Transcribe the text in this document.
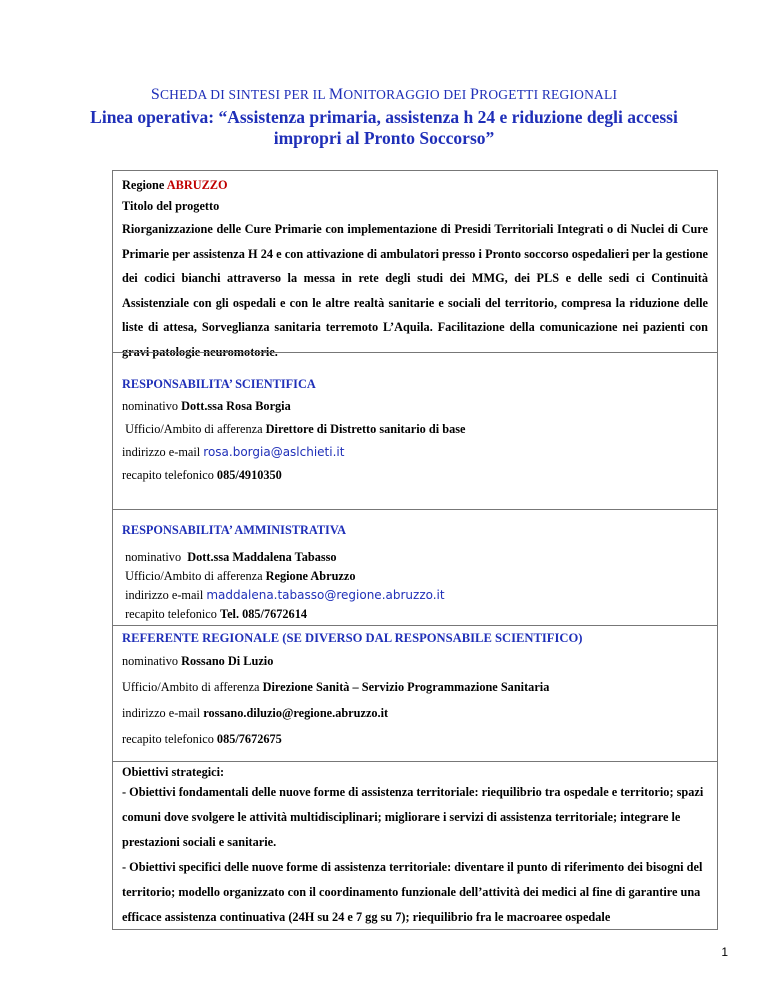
SCHEDA DI SINTESI PER IL MONITORAGGIO DEI PROGETTI REGIONALI
Linea operativa: “Assistenza primaria, assistenza h 24 e riduzione degli accessi
impropri al Pronto Soccorso”

Regione ABRUZZO

Titolo del progetto

Riorganizzazione delle Cure Primarie con implementazione di Presidi Territoriali Integrati o di Nuclei di Cure Primarie per assistenza H 24 e con attivazione di ambulatori presso i Pronto soccorso ospedalieri per la gestione dei codici bianchi attraverso la messa in rete degli studi dei MMG, dei PLS e delle sedi ci Continuità Assistenziale con gli ospedali e con le altre realtà sanitarie e sociali del territorio, compresa la riduzione delle liste di attesa, Sorveglianza sanitaria terremoto L’Aquila. Facilitazione della comunicazione nei pazienti con gravi patologie neuromotorie.

RESPONSABILITA’ SCIENTIFICA

nominativo Dott.ssa Rosa Borgia

Ufficio/Ambito di afferenza Direttore di Distretto sanitario di base

indirizzo e-mail rosa.borgia@aslchieti.it

recapito telefonico 085/4910350

RESPONSABILITA’ AMMINISTRATIVA

nominativo Dott.ssa Maddalena Tabasso

Ufficio/Ambito di afferenza Regione Abruzzo

indirizzo e-mail maddalena.tabasso@regione.abruzzo.it

recapito telefonico Tel. 085/7672614

REFERENTE REGIONALE (SE DIVERSO DAL RESPONSABILE SCIENTIFICO)

nominativo Rossano Di Luzio

Ufficio/Ambito di afferenza Direzione Sanità – Servizio Programmazione Sanitaria

indirizzo e-mail rossano.diluzio@regione.abruzzo.it

recapito telefonico 085/7672675

Obiettivi strategici:

- Obiettivi fondamentali delle nuove forme di assistenza territoriale: riequilibrio tra ospedale e territorio; spazi comuni dove svolgere le attività multidisciplinari; migliorare i servizi di assistenza territoriale; integrare le prestazioni sociali e sanitarie.

- Obiettivi specifici delle nuove forme di assistenza territoriale: diventare il punto di riferimento dei bisogni del territorio; modello organizzato con il coordinamento funzionale dell’attività dei medici al fine di garantire una efficace assistenza continuativa (24H su 24 e 7 gg su 7); riequilibrio fra le macroaree ospedale

1
